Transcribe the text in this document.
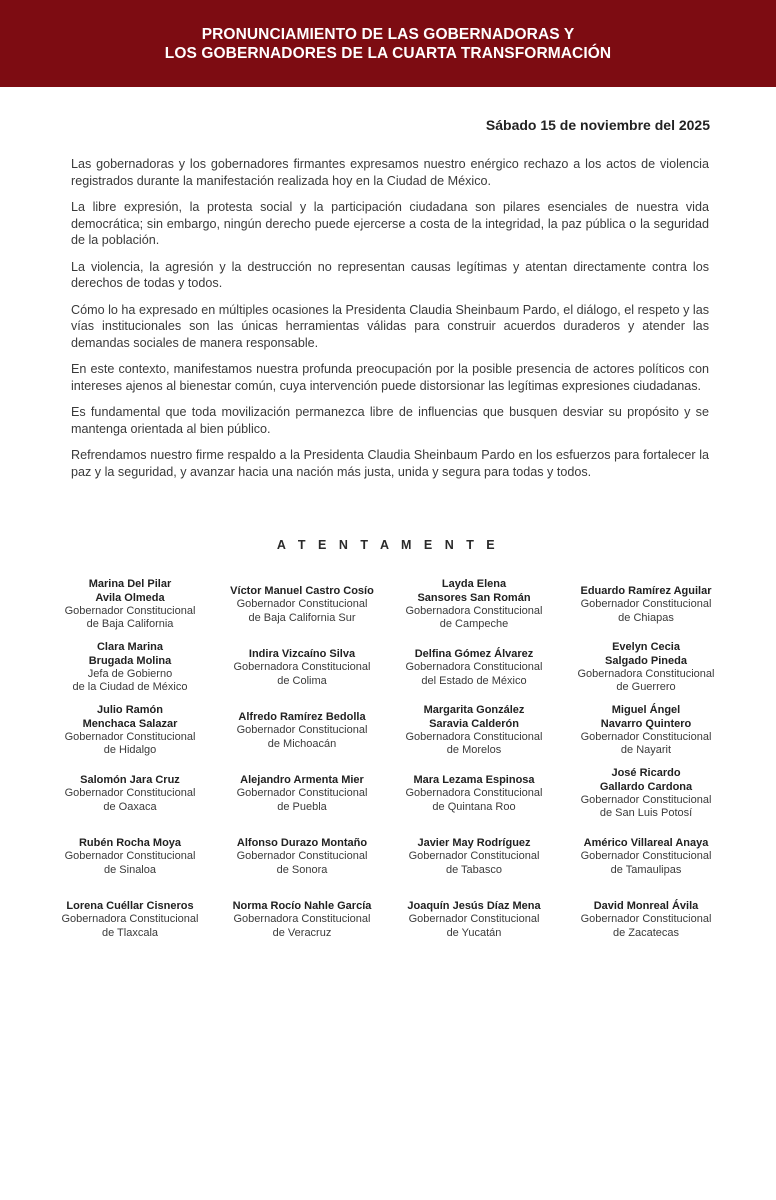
PRONUNCIAMIENTO DE LAS GOBERNADORAS Y
LOS GOBERNADORES DE LA CUARTA TRANSFORMACIÓN
Sábado 15 de noviembre del 2025

Las gobernadoras y los gobernadores firmantes expresamos nuestro enérgico rechazo a los actos de violencia registrados durante la manifestación realizada hoy en la Ciudad de México.

La libre expresión, la protesta social y la participación ciudadana son pilares esenciales de nuestra vida democrática; sin embargo, ningún derecho puede ejercerse a costa de la integridad, la paz pública o la seguridad de la población.

La violencia, la agresión y la destrucción no representan causas legítimas y atentan directamente contra los derechos de todas y todos.

Cómo lo ha expresado en múltiples ocasiones la Presidenta Claudia Sheinbaum Pardo, el diálogo, el respeto y las vías institucionales son las únicas herramientas válidas para construir acuerdos duraderos y atender las demandas sociales de manera responsable.

En este contexto, manifestamos nuestra profunda preocupación por la posible presencia de actores políticos con intereses ajenos al bienestar común, cuya intervención puede distorsionar las legítimas expresiones ciudadanas.

Es fundamental que toda movilización permanezca libre de influencias que busquen desviar su propósito y se mantenga orientada al bien público.

Refrendamos nuestro firme respaldo a la Presidenta Claudia Sheinbaum Pardo en los esfuerzos para fortalecer la paz y la seguridad, y avanzar hacia una nación más justa, unida y segura para todas y todos.

A T E N T A M E N T E
Marina Del Pilar
Avila Olmeda
Gobernador Constitucional
de Baja California
Víctor Manuel Castro Cosío
Gobernador Constitucional
de Baja California Sur
Layda Elena
Sansores San Román
Gobernadora Constitucional
de Campeche
Eduardo Ramírez Aguilar
Gobernador Constitucional
de Chiapas
Clara Marina
Brugada Molina
Jefa de Gobierno
de la Ciudad de México
Indira Vizcaíno Silva
Gobernadora Constitucional
de Colima
Delfina Gómez Álvarez
Gobernadora Constitucional
del Estado de México
Evelyn Cecia
Salgado Pineda
Gobernadora Constitucional
de Guerrero
Julio Ramón
Menchaca Salazar
Gobernador Constitucional
de Hidalgo
Alfredo Ramírez Bedolla
Gobernador Constitucional
de Michoacán
Margarita González
Saravia Calderón
Gobernadora Constitucional
de Morelos
Miguel Ángel
Navarro Quintero
Gobernador Constitucional
de Nayarit
Salomón Jara Cruz
Gobernador Constitucional
de Oaxaca
Alejandro Armenta Mier
Gobernador Constitucional
de Puebla
Mara Lezama Espinosa
Gobernadora Constitucional
de Quintana Roo
José Ricardo
Gallardo Cardona
Gobernador Constitucional
de San Luis Potosí
Rubén Rocha Moya
Gobernador Constitucional
de Sinaloa
Alfonso Durazo Montaño
Gobernador Constitucional
de Sonora
Javier May Rodríguez
Gobernador Constitucional
de Tabasco
Américo Villareal Anaya
Gobernador Constitucional
de Tamaulipas
Lorena Cuéllar Cisneros
Gobernadora Constitucional
de Tlaxcala
Norma Rocío Nahle García
Gobernadora Constitucional
de Veracruz
Joaquín Jesús Díaz Mena
Gobernador Constitucional
de Yucatán
David Monreal Ávila
Gobernador Constitucional
de Zacatecas
